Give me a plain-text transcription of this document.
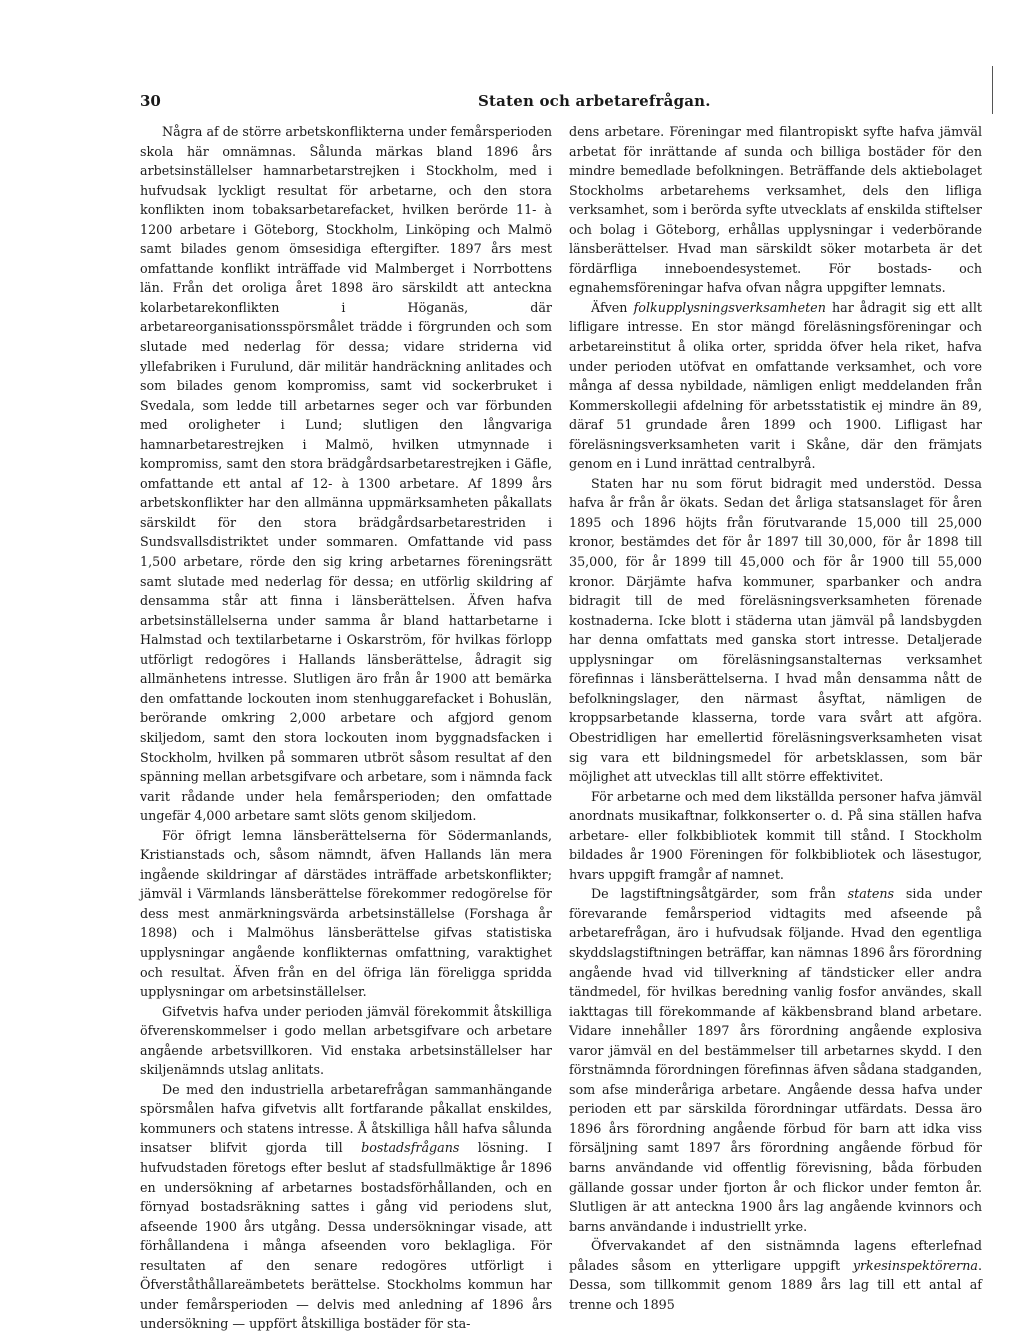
30	Staten och arbetarefrågan.

Några af de större arbetskonflikterna under femårsperioden skola här omnämnas. Sålunda märkas bland 1896 års arbetsinställelser hamnarbetarstrejken i Stockholm, med i hufvudsak lyckligt resultat för arbetarne, och den stora konflikten inom tobaksarbetarefacket, hvilken berörde 11- à 1200 arbetare i Göteborg, Stockholm, Linköping och Malmö samt bilades genom ömsesidiga eftergifter. 1897 års mest omfattande konflikt inträffade vid Malmberget i Norrbottens län. Från det oroliga året 1898 äro särskildt att anteckna kolarbetarekonflikten i Höganäs, där arbetareorganisationsspörsmålet trädde i förgrunden och som slutade med nederlag för dessa; vidare striderna vid yllefabriken i Furulund, där militär handräckning anlitades och som bilades genom kompromiss, samt vid sockerbruket i Svedala, som ledde till arbetarnes seger och var förbunden med oroligheter i Lund; slutligen den långvariga hamnarbetarestrejken i Malmö, hvilken utmynnade i kompromiss, samt den stora brädgårdsarbetarestrejken i Gäfle, omfattande ett antal af 12- à 1300 arbetare. Af 1899 års arbetskonflikter har den allmänna uppmärksamheten påkallats särskildt för den stora brädgårdsarbetarestriden i Sundsvallsdistriktet under sommaren. Omfattande vid pass 1,500 arbetare, rörde den sig kring arbetarnes föreningsrätt samt slutade med nederlag för dessa; en utförlig skildring af densamma står att finna i länsberättelsen. Äfven hafva arbetsinställelserna under samma år bland hattarbetarne i Halmstad och textilarbetarne i Oskarström, för hvilkas förlopp utförligt redogöres i Hallands länsberättelse, ådragit sig allmänhetens intresse. Slutligen äro från år 1900 att bemärka den omfattande lockouten inom stenhuggarefacket i Bohuslän, berörande omkring 2,000 arbetare och afgjord genom skiljedom, samt den stora lockouten inom byggnadsfacken i Stockholm, hvilken på sommaren utbröt såsom resultat af den spänning mellan arbetsgifvare och arbetare, som i nämnda fack varit rådande under hela femårsperioden; den omfattade ungefär 4,000 arbetare samt slöts genom skiljedom.

För öfrigt lemna länsberättelserna för Södermanlands, Kristianstads och, såsom nämndt, äfven Hallands län mera ingående skildringar af därstädes inträffade arbetskonflikter; jämväl i Värmlands länsberättelse förekommer redogörelse för dess mest anmärkningsvärda arbetsinställelse (Forshaga år 1898) och i Malmöhus länsberättelse gifvas statistiska upplysningar angående konflikternas omfattning, varaktighet och resultat. Äfven från en del öfriga län föreligga spridda upplysningar om arbetsinställelser.

Gifvetvis hafva under perioden jämväl förekommit åtskilliga öfverenskommelser i godo mellan arbetsgifvare och arbetare angående arbetsvillkoren. Vid enstaka arbetsinställelser har skiljenämnds utslag anlitats.

De med den industriella arbetarefrågan sammanhängande spörsmålen hafva gifvetvis allt fortfarande påkallat enskildes, kommuners och statens intresse. Å åtskilliga håll hafva sålunda insatser blifvit gjorda till bostadsfrågans lösning. I hufvudstaden företogs efter beslut af stadsfullmäktige år 1896 en undersökning af arbetarnes bostadsförhållanden, och en förnyad bostadsräkning sattes i gång vid periodens slut, afseende 1900 års utgång. Dessa undersökningar visade, att förhållandena i många afseenden voro beklagliga. För resultaten af den senare redogöres utförligt i Öfverståthållareämbetets berättelse. Stockholms kommun har under femårsperioden — delvis med anledning af 1896 års undersökning — uppfört åtskilliga bostäder för sta-

dens arbetare. Föreningar med filantropiskt syfte hafva jämväl arbetat för inrättande af sunda och billiga bostäder för den mindre bemedlade befolkningen. Beträffande dels aktiebolaget Stockholms arbetarehems verksamhet, dels den lifliga verksamhet, som i berörda syfte utvecklats af enskilda stiftelser och bolag i Göteborg, erhållas upplysningar i vederbörande länsberättelser. Hvad man särskildt söker motarbeta är det fördärfliga inneboendesystemet. För bostads- och egnahemsföreningar hafva ofvan några uppgifter lemnats.

Äfven folkupplysningsverksamheten har ådragit sig ett allt lifligare intresse. En stor mängd föreläsningsföreningar och arbetareinstitut å olika orter, spridda öfver hela riket, hafva under perioden utöfvat en omfattande verksamhet, och vore många af dessa nybildade, nämligen enligt meddelanden från Kommerskollegii afdelning för arbetsstatistik ej mindre än 89, däraf 51 grundade åren 1899 och 1900. Lifligast har föreläsningsverksamheten varit i Skåne, där den främjats genom en i Lund inrättad centralbyrå.

Staten har nu som förut bidragit med understöd. Dessa hafva år från år ökats. Sedan det årliga statsanslaget för åren 1895 och 1896 höjts från förutvarande 15,000 till 25,000 kronor, bestämdes det för år 1897 till 30,000, för år 1898 till 35,000, för år 1899 till 45,000 och för år 1900 till 55,000 kronor. Därjämte hafva kommuner, sparbanker och andra bidragit till de med föreläsningsverksamheten förenade kostnaderna. Icke blott i städerna utan jämväl på landsbygden har denna omfattats med ganska stort intresse. Detaljerade upplysningar om föreläsningsanstalternas verksamhet förefinnas i länsberättelserna. I hvad mån densamma nått de befolkningslager, den närmast åsyftat, nämligen de kroppsarbetande klasserna, torde vara svårt att afgöra. Obestridligen har emellertid föreläsningsverksamheten visat sig vara ett bildningsmedel för arbetsklassen, som bär möjlighet att utvecklas till allt större effektivitet.

För arbetarne och med dem likställda personer hafva jämväl anordnats musikaftnar, folkkonserter o. d. På sina ställen hafva arbetare- eller folkbibliotek kommit till stånd. I Stockholm bildades år 1900 Föreningen för folkbibliotek och läsestugor, hvars uppgift framgår af namnet.

De lagstiftningsåtgärder, som från statens sida under förevarande femårsperiod vidtagits med afseende på arbetarefrågan, äro i hufvudsak följande. Hvad den egentliga skyddslagstiftningen beträffar, kan nämnas 1896 års förordning angående hvad vid tillverkning af tändsticker eller andra tändmedel, för hvilkas beredning vanlig fosfor användes, skall iakttagas till förekommande af käkbensbrand bland arbetare. Vidare innehåller 1897 års förordning angående explosiva varor jämväl en del bestämmelser till arbetarnes skydd. I den förstnämnda förordningen förefinnas äfven sådana stadganden, som afse minderåriga arbetare. Angående dessa hafva under perioden ett par särskilda förordningar utfärdats. Dessa äro 1896 års förordning angående förbud för barn att idka viss försäljning samt 1897 års förordning angående förbud för barns användande vid offentlig förevisning, båda förbuden gällande gossar under fjorton år och flickor under femton år. Slutligen är att anteckna 1900 års lag angående kvinnors och barns användande i industriellt yrke.

Öfvervakandet af den sistnämnda lagens efterlefnad pålades såsom en ytterligare uppgift yrkesinspektörerna. Dessa, som tillkommit genom 1889 års lag till ett antal af trenne och 1895
